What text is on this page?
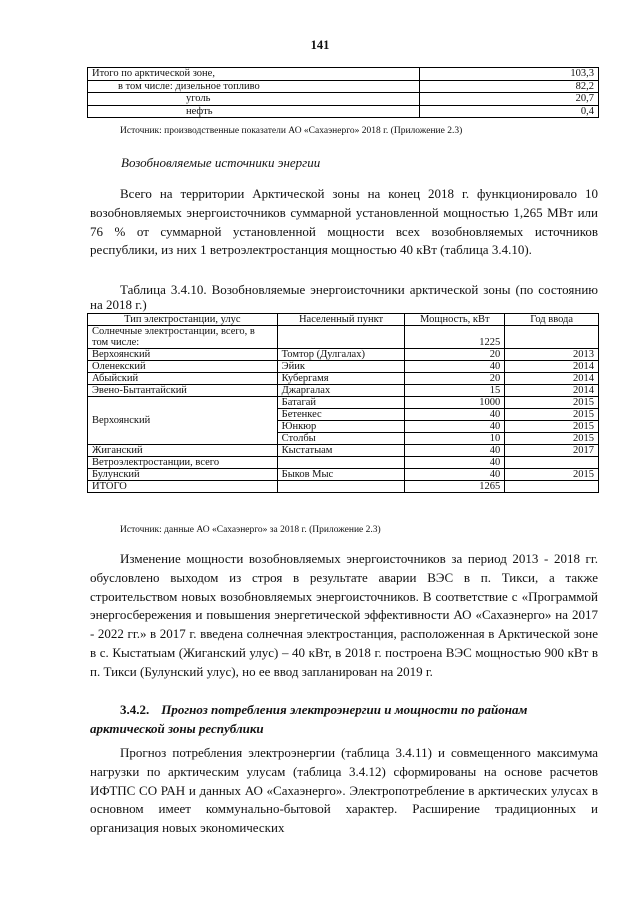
141
Итого по арктической зоне,	103,3
в том числе: дизельное топливо	82,2
уголь	20,7
нефть	0,4
Источник: производственные показатели АО «Сахаэнерго» 2018 г. (Приложение 2.3)
Возобновляемые источники энергии

Всего на территории Арктической зоны на конец 2018 г. функционировало 10 возобновляемых энергоисточников суммарной установленной мощностью 1,265 МВт или 76 % от суммарной установленной мощности всех возобновляемых источников республики, из них 1 ветроэлектростанция мощностью 40 кВт (таблица 3.4.10).

Таблица 3.4.10. Возобновляемые энергоисточники арктической зоны (по состоянию на 2018 г.)

Тип электростанции, улус	Населенный пункт	Мощность, кВт	Год ввода
Солнечные электростанции, всего, в том числе:		1225	
Верхоянский	Томтор (Дулгалах)	20	2013
Оленекский	Эйик	40	2014
Абыйский	Кубергамя	20	2014
Эвено-Бытантайский	Джаргалах	15	2014
Верхоянский	Батагай	1000	2015
	Бетенкес	40	2015
	Юнкюр	40	2015
	Столбы	10	2015
Жиганский	Кыстатыам	40	2017
Ветроэлектростанции, всего		40	
Булунский	Быков Мыс	40	2015
ИТОГО		1265	
Источник: данные АО «Сахаэнерго» за 2018 г. (Приложение 2.3)

Изменение мощности возобновляемых энергоисточников за период 2013 - 2018 гг. обусловлено выходом из строя в результате аварии ВЭС в п. Тикси, а также строительством новых возобновляемых энергоисточников. В соответствие с «Программой энергосбережения и повышения энергетической эффективности АО «Сахаэнерго» на 2017 - 2022 гг.» в 2017 г. введена солнечная электростанция, расположенная в Арктической зоне в с. Кыстатыам (Жиганский улус) – 40 кВт, в 2018 г. построена ВЭС мощностью 900 кВт в п. Тикси (Булунский улус), но ее ввод запланирован на 2019 г.

3.4.2. Прогноз потребления электроэнергии и мощности по районам арктической зоны республики

Прогноз потребления электроэнергии (таблица 3.4.11) и совмещенного максимума нагрузки по арктическим улусам (таблица 3.4.12) сформированы на основе расчетов ИФТПС СО РАН и данных АО «Сахаэнерго». Электропотребление в арктических улусах в основном имеет коммунально-бытовой характер. Расширение традиционных и организация новых экономических
